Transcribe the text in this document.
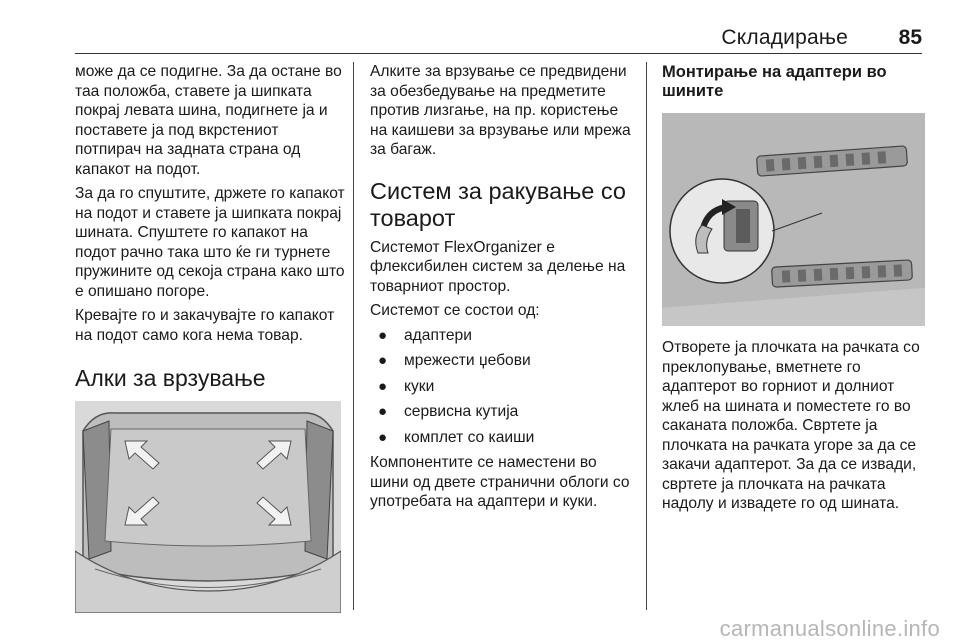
Складирање 85

може да се подигне. За да остане во таа положба, ставете ја шипката покрај левата шина, подигнете ја и поставете ја под вкрстениот потпирач на задната страна од капакот на подот.

За да го спуштите, држете го капакот на подот и ставете ја шипката покрај шината. Спуштете го капакот на подот рачно така што ќе ги турнете пружините од секоја страна како што е опишано погоре.

Кревајте го и закачувајте го капакот на подот само кога нема товар.

Алки за врзување

Алките за врзување се предвидени за обезбедување на предметите против лизгање, на пр. користење на каишеви за врзување или мрежа за багаж.

Систем за ракување со товарот

Системот FlexOrganizer е флексибилен систем за делење на товарниот простор.

Системот се состои од:

● адаптери
● мрежести џебови
● куки
● сервисна кутија
● комплет со каиши

Компонентите се наместени во шини од двете странични облоги со употребата на адаптери и куки.

Монтирање на адаптери во шините

Отворете ја плочката на рачката со преклопување, вметнете го адаптерот во горниот и долниот жлеб на шината и поместете го во саканата положба. Свртете ја плочката на рачката угоре за да се закачи адаптерот. За да се извади, свртете ја плочката на рачката надолу и извадете го од шината.

carmanualsonline.info
